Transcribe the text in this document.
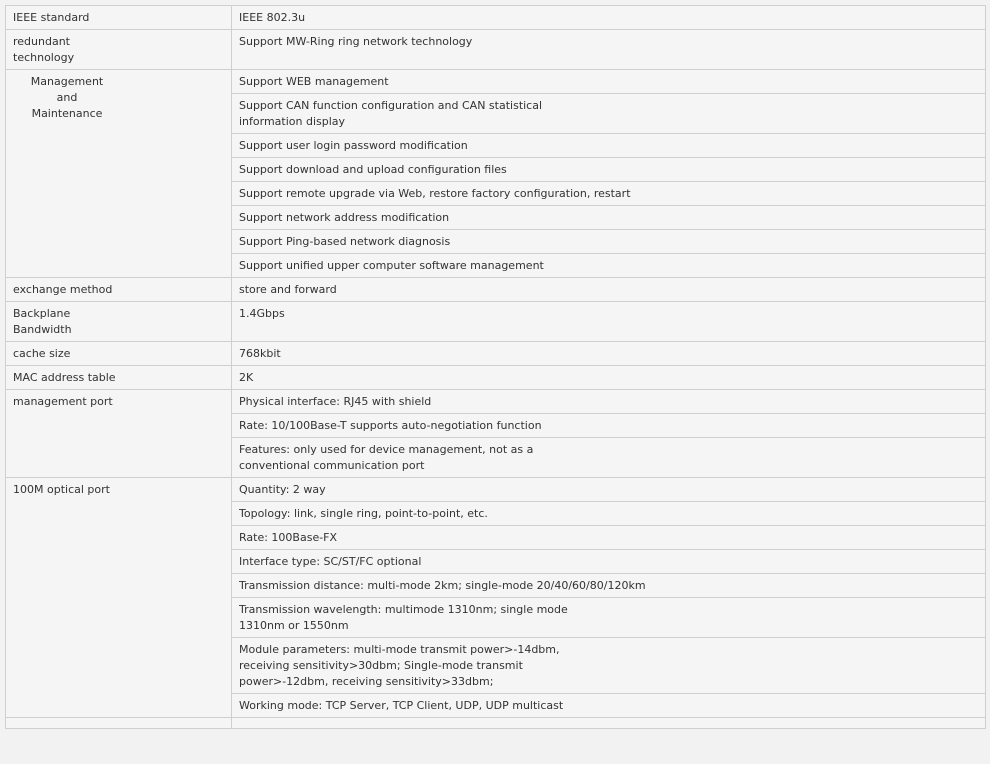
IEEE standard	IEEE 802.3u

redundant technology	Support MW-Ring ring network technology

Management and Maintenance	Support WEB management

	Support CAN function configuration and CAN statistical information display

	Support user login password modification
	Support download and upload configuration files
	Support remote upgrade via Web, restore factory configuration, restart
	Support network address modification
	Support Ping-based network diagnosis
	Support unified upper computer software management
exchange method	store and forward

Backplane Bandwidth	1.4Gbps
cache size	768kbit
MAC address table	2K
management port	Physical interface: RJ45 with shield
	Rate: 10/100Base-T supports auto-negotiation function

	Features: only used for device management, not as a conventional communication port

100M optical port	Quantity: 2 way
	Topology: link, single ring, point-to-point, etc.
	Rate: 100Base-FX
	Interface type: SC/ST/FC optional
	Transmission distance: multi-mode 2km; single-mode 20/40/60/80/120km

	Transmission wavelength: multimode 1310nm; single mode 1310nm or 1550nm

	Module parameters: multi-mode transmit power>-14dbm, receiving sensitivity>30dbm; Single-mode transmit power>-12dbm, receiving sensitivity>33dbm;

	Working mode: TCP Server, TCP Client, UDP, UDP multicast
